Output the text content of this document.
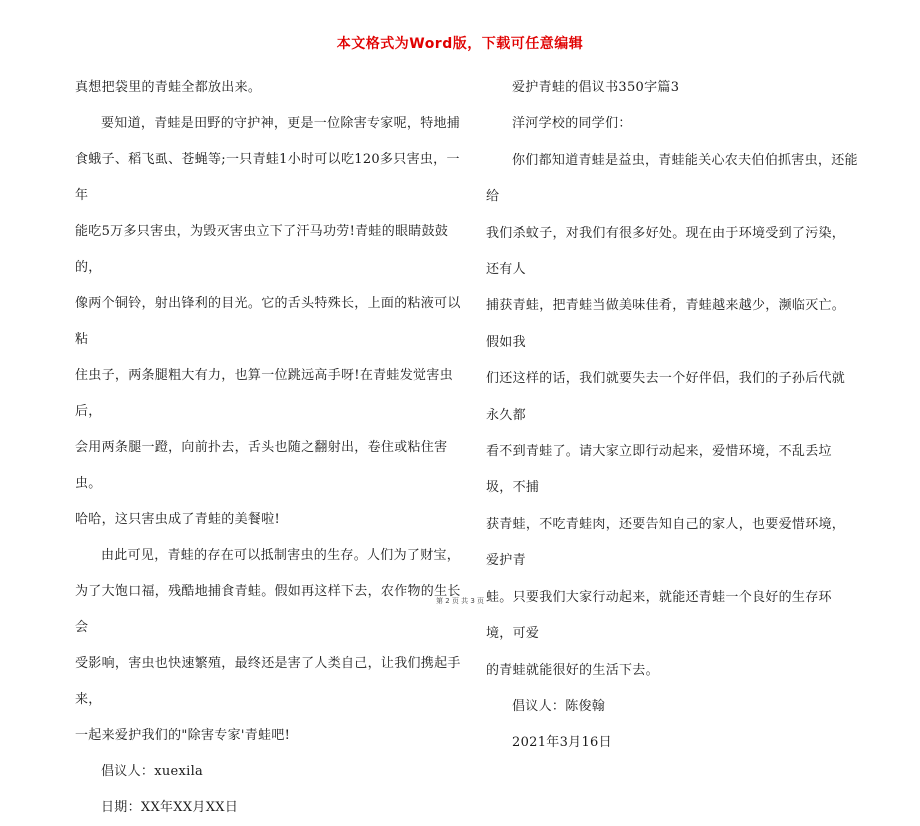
本文格式为Word版，下载可任意编辑

真想把袋里的青蛙全都放出来。

要知道，青蛙是田野的守护神，更是一位除害专家呢，特地捕
食蛾子、稻飞虱、苍蝇等;一只青蛙1小时可以吃120多只害虫，一年
能吃5万多只害虫，为毁灭害虫立下了汗马功劳!青蛙的眼睛鼓鼓的，
像两个铜铃，射出锋利的目光。它的舌头特殊长，上面的粘液可以粘
住虫子，两条腿粗大有力，也算一位跳远高手呀!在青蛙发觉害虫后，
会用两条腿一蹬，向前扑去，舌头也随之翻射出，卷住或粘住害虫。
哈哈，这只害虫成了青蛙的美餐啦!

由此可见，青蛙的存在可以抵制害虫的生存。人们为了财宝，
为了大饱口福，残酷地捕食青蛙。假如再这样下去，农作物的生长会
受影响，害虫也快速繁殖，最终还是害了人类自己，让我们携起手来，
一起来爱护我们的"除害专家'青蛙吧!

倡议人：xuexila

日期：XX年XX月XX日

爱护青蛙的倡议书350字篇3

洋河学校的同学们：

你们都知道青蛙是益虫，青蛙能关心农夫伯伯抓害虫，还能给
我们杀蚊子，对我们有很多好处。现在由于环境受到了污染，还有人
捕获青蛙，把青蛙当做美味佳肴，青蛙越来越少，濒临灭亡。假如我
们还这样的话，我们就要失去一个好伴侣，我们的子孙后代就永久都
看不到青蛙了。请大家立即行动起来，爱惜环境，不乱丢垃圾，不捕
获青蛙，不吃青蛙肉，还要告知自己的家人，也要爱惜环境，爱护青
蛙。只要我们大家行动起来，就能还青蛙一个良好的生存环境，可爱
的青蛙就能很好的生活下去。

倡议人：陈俊翰

2021年3月16日

第 2 页 共 3 页
